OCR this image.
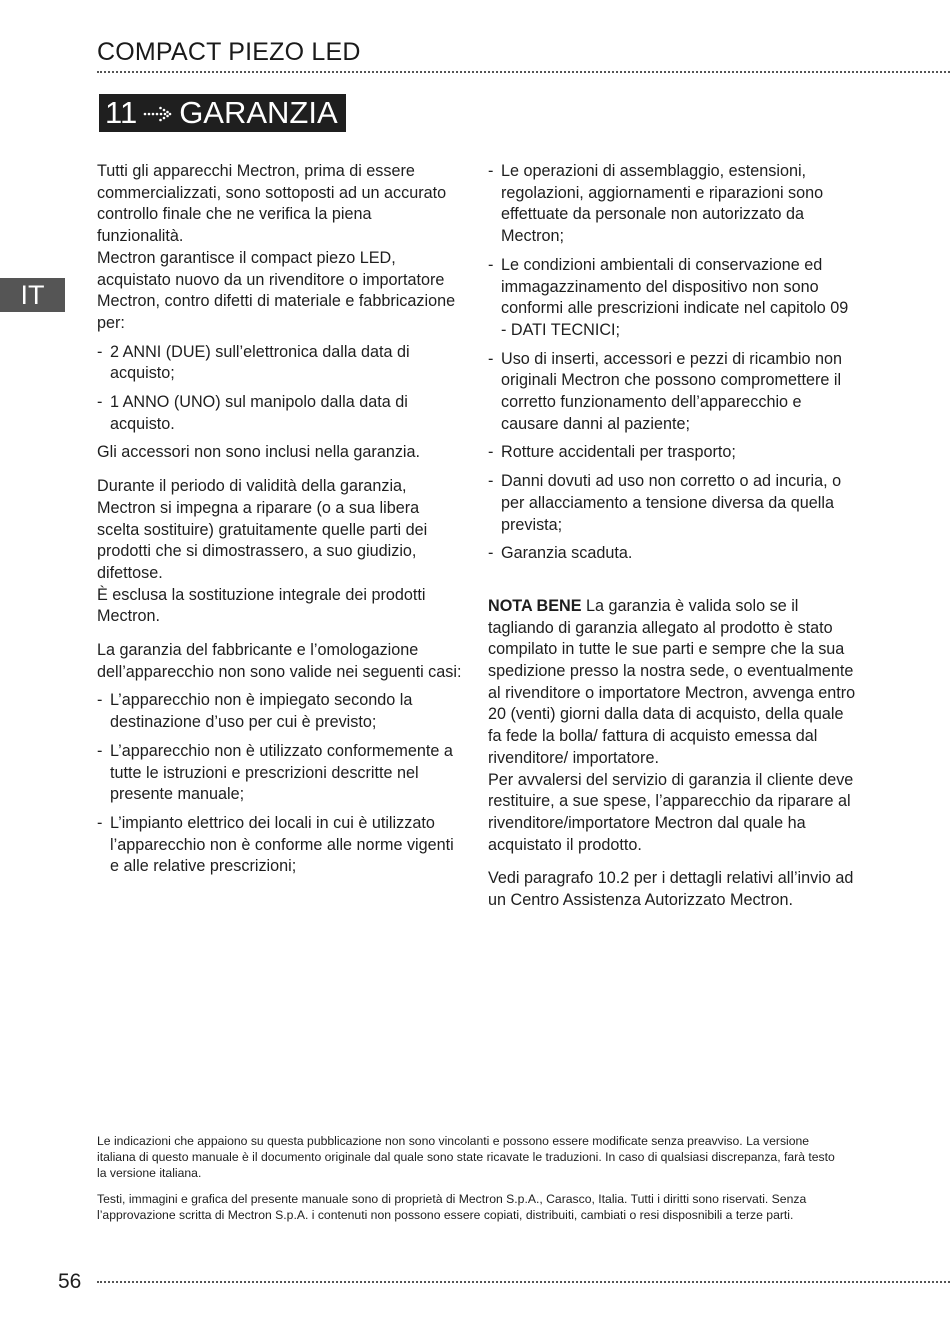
COMPACT PIEZO LED
11 GARANZIA
IT

Tutti gli apparecchi Mectron, prima di essere commercializzati, sono sottoposti ad un accurato controllo finale che ne verifica la piena funzionalità.

Mectron garantisce il compact piezo LED, acquistato nuovo da un rivenditore o importatore Mectron, contro difetti di materiale e fabbricazione per:

- 2 ANNI (DUE) sull’elettronica dalla data di acquisto;
- 1 ANNO (UNO) sul manipolo dalla data di acquisto.

Gli accessori non sono inclusi nella garanzia.

Durante il periodo di validità della garanzia, Mectron si impegna a riparare (o a sua libera scelta sostituire) gratuitamente quelle parti dei prodotti che si dimostrassero, a suo giudizio, difettose.

È esclusa la sostituzione integrale dei prodotti Mectron.

La garanzia del fabbricante e l’omologazione dell’apparecchio non sono valide nei seguenti casi:

- L’apparecchio non è impiegato secondo la destinazione d’uso per cui è previsto;
- L’apparecchio non è utilizzato conformemente a tutte le istruzioni e prescrizioni descritte nel presente manuale;
- L’impianto elettrico dei locali in cui è utilizzato l’apparecchio non è conforme alle norme vigenti e alle relative prescrizioni;
- Le operazioni di assemblaggio, estensioni, regolazioni, aggiornamenti e riparazioni sono effettuate da personale non autorizzato da Mectron;
- Le condizioni ambientali di conservazione ed immagazzinamento del dispositivo non sono conformi alle prescrizioni indicate nel capitolo 09 - DATI TECNICI;
- Uso di inserti, accessori e pezzi di ricambio non originali Mectron che possono compromettere il corretto funzionamento dell’apparecchio e causare danni al paziente;
- Rotture accidentali per trasporto;
- Danni dovuti ad uso non corretto o ad incuria, o per allacciamento a tensione diversa da quella prevista;
- Garanzia scaduta.

NOTA BENE La garanzia è valida solo se il tagliando di garanzia allegato al prodotto è stato compilato in tutte le sue parti e sempre che la sua spedizione presso la nostra sede, o eventualmente al rivenditore o importatore Mectron, avvenga entro 20 (venti) giorni dalla data di acquisto, della quale fa fede la bolla/ fattura di acquisto emessa dal rivenditore/ importatore.

Per avvalersi del servizio di garanzia il cliente deve restituire, a sue spese, l’apparecchio da riparare al rivenditore/importatore Mectron dal quale ha acquistato il prodotto.

Vedi paragrafo 10.2 per i dettagli relativi all’invio ad un Centro Assistenza Autorizzato Mectron.

Le indicazioni che appaiono su questa pubblicazione non sono vincolanti e possono essere modificate senza preavviso. La versione italiana di questo manuale è il documento originale dal quale sono state ricavate le traduzioni. In caso di qualsiasi discrepanza, farà testo la versione italiana.

Testi, immagini e grafica del presente manuale sono di proprietà di Mectron S.p.A., Carasco, Italia. Tutti i diritti sono riservati. Senza l’approvazione scritta di Mectron S.p.A. i contenuti non possono essere copiati, distribuiti, cambiati o resi disposnibili a terze parti.

56
